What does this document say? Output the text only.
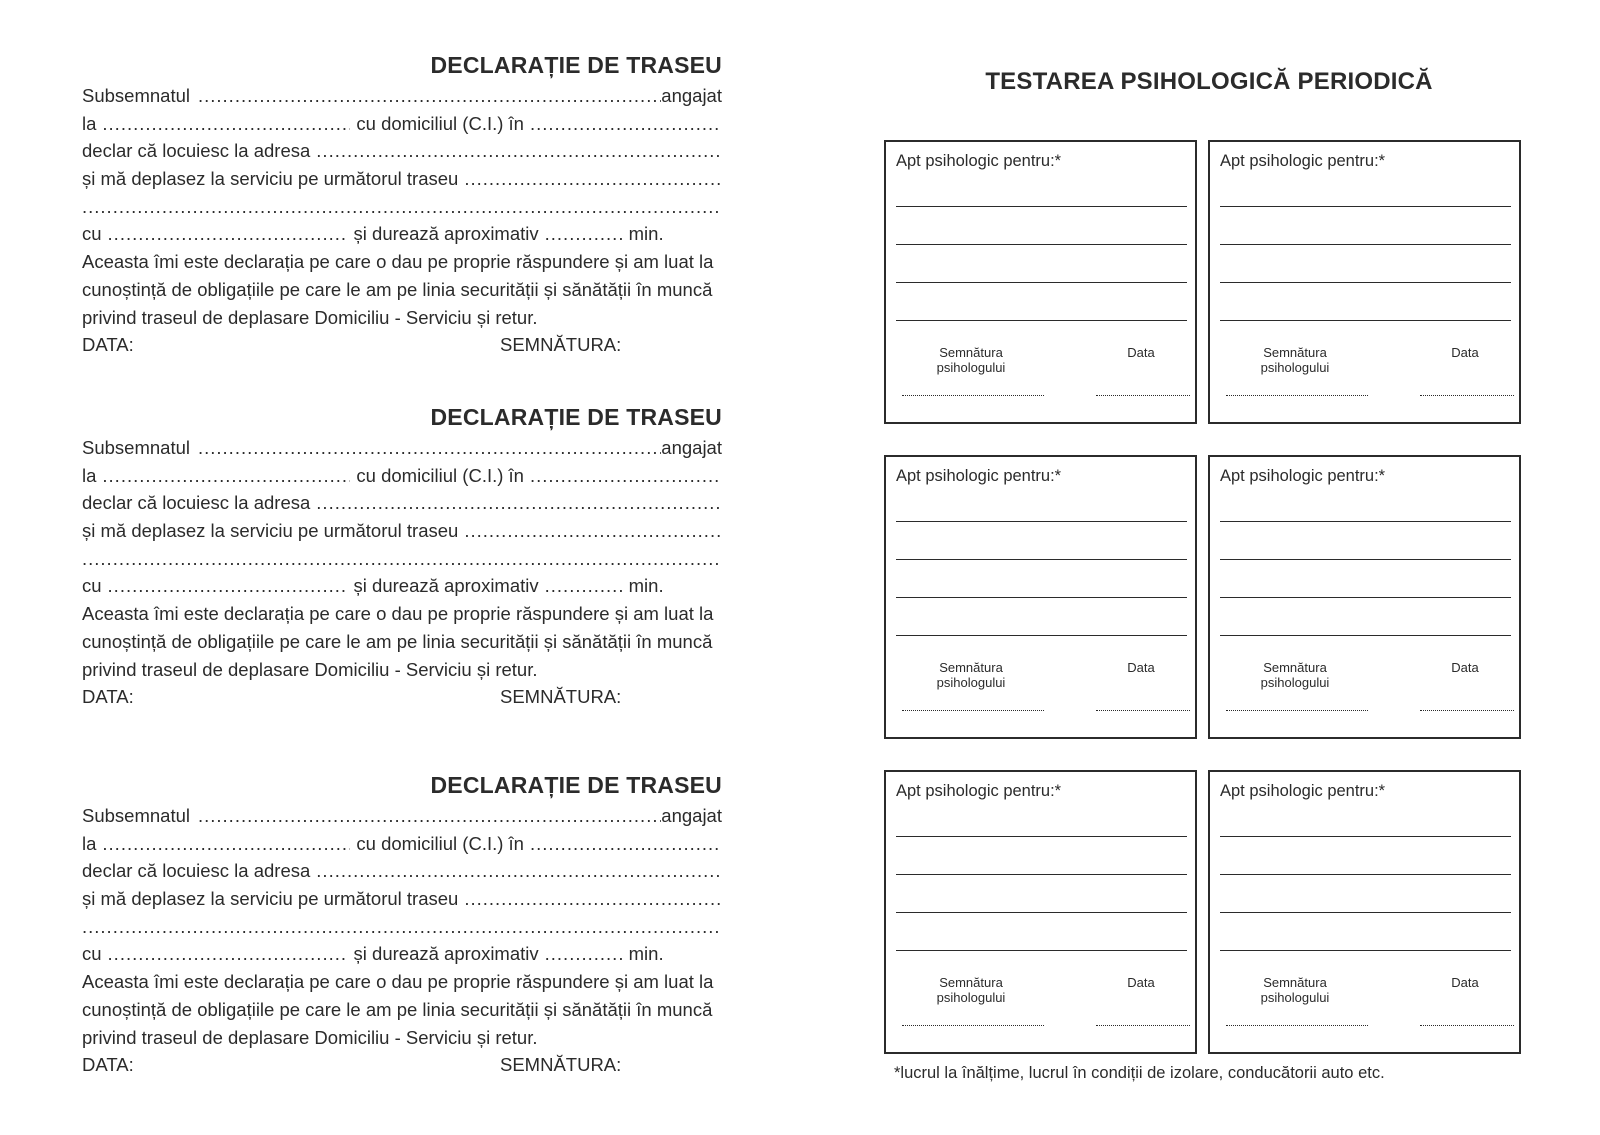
DECLARAȚIE DE TRASEU
Subsemnatul .....	angajat
la .....	cu domiciliul (C.I.) în
.....
declar că locuiesc la adresa
.....
și mă deplasez la serviciu pe următorul traseu
.....
.....
cu .....	și durează aproximativ .....	min.
Aceasta îmi este declarația pe care o dau pe proprie răspundere și am luat la
cunoștință de obligațiile pe care le am pe linia securității și sănătății în muncă
privind traseul de deplasare Domiciliu - Serviciu și retur.
DATA:	SEMNĂTURA:
DECLARAȚIE DE TRASEU
Subsemnatul .....	angajat
la .....	cu domiciliul (C.I.) în
.....
declar că locuiesc la adresa
.....
și mă deplasez la serviciu pe următorul traseu
.....
.....
cu .....	și durează aproximativ .....	min.
Aceasta îmi este declarația pe care o dau pe proprie răspundere și am luat la
cunoștință de obligațiile pe care le am pe linia securității și sănătății în muncă
privind traseul de deplasare Domiciliu - Serviciu și retur.
DATA:	SEMNĂTURA:
DECLARAȚIE DE TRASEU
Subsemnatul .....	angajat
la .....	cu domiciliul (C.I.) în
.....
declar că locuiesc la adresa
.....
și mă deplasez la serviciu pe următorul traseu
.....
.....
cu .....	și durează aproximativ .....	min.
Aceasta îmi este declarația pe care o dau pe proprie răspundere și am luat la
cunoștință de obligațiile pe care le am pe linia securității și sănătății în muncă
privind traseul de deplasare Domiciliu - Serviciu și retur.
DATA:	SEMNĂTURA:
TESTAREA PSIHOLOGICĂ PERIODICĂ
Apt psihologic pentru:*
Semnătura
psihologului
Data
Apt psihologic pentru:*
Semnătura
psihologului
Data
Apt psihologic pentru:*
Semnătura
psihologului
Data
Apt psihologic pentru:*
Semnătura
psihologului
Data
Apt psihologic pentru:*
Semnătura
psihologului
Data
Apt psihologic pentru:*
Semnătura
psihologului
Data
*lucrul la înălțime, lucrul în condiții de izolare, conducătorii auto etc.
